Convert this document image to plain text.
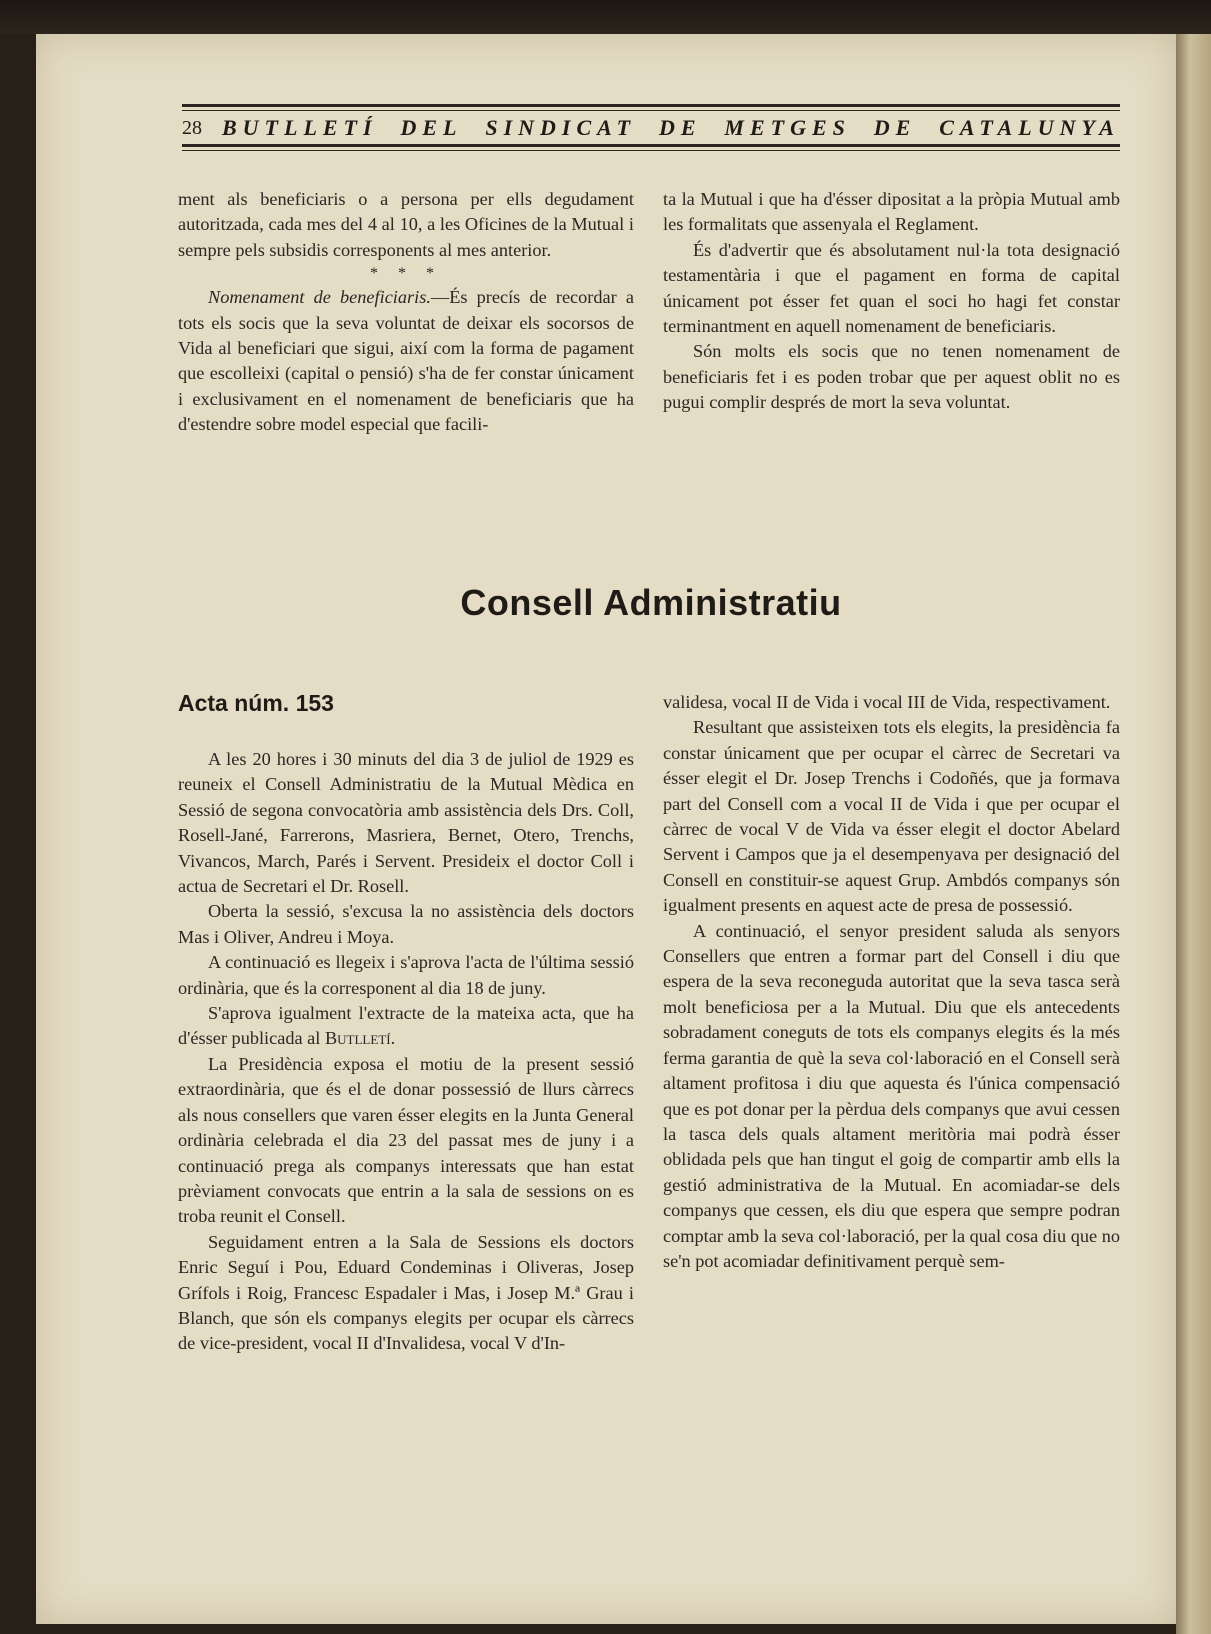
28 BUTLLETÍ DEL SINDICAT DE METGES DE CATALUNYA

ment als beneficiaris o a persona per ells degudament autoritzada, cada mes del 4 al 10, a les Oficines de la Mutual i sempre pels subsidis corresponents al mes anterior.

* * *

Nomenament de beneficiaris.—És precís de recordar a tots els socis que la seva voluntat de deixar els socorsos de Vida al beneficiari que sigui, així com la forma de pagament que escolleixi (capital o pensió) s'ha de fer constar únicament i exclusivament en el nomenament de beneficiaris que ha d'estendre sobre model especial que facili-

ta la Mutual i que ha d'ésser dipositat a la pròpia Mutual amb les formalitats que assenyala el Reglament.

És d'advertir que és absolutament nul·la tota designació testamentària i que el pagament en forma de capital únicament pot ésser fet quan el soci ho hagi fet constar terminantment en aquell nomenament de beneficiaris.

Són molts els socis que no tenen nomenament de beneficiaris fet i es poden trobar que per aquest oblit no es pugui complir després de mort la seva voluntat.

Consell Administratiu
Acta núm. 153

A les 20 hores i 30 minuts del dia 3 de juliol de 1929 es reuneix el Consell Administratiu de la Mutual Mèdica en Sessió de segona convocatòria amb assistència dels Drs. Coll, Rosell-Jané, Farrerons, Masriera, Bernet, Otero, Trenchs, Vivancos, March, Parés i Servent. Presideix el doctor Coll i actua de Secretari el Dr. Rosell.

Oberta la sessió, s'excusa la no assistència dels doctors Mas i Oliver, Andreu i Moya.

A continuació es llegeix i s'aprova l'acta de l'última sessió ordinària, que és la corresponent al dia 18 de juny.

S'aprova igualment l'extracte de la mateixa acta, que ha d'ésser publicada al Butlletí.

La Presidència exposa el motiu de la present sessió extraordinària, que és el de donar possessió de llurs càrrecs als nous consellers que varen ésser elegits en la Junta General ordinària celebrada el dia 23 del passat mes de juny i a continuació prega als companys interessats que han estat prèviament convocats que entrin a la sala de sessions on es troba reunit el Consell.

Seguidament entren a la Sala de Sessions els doctors Enric Seguí i Pou, Eduard Condeminas i Oliveras, Josep Grífols i Roig, Francesc Espadaler i Mas, i Josep M.ª Grau i Blanch, que són els companys elegits per ocupar els càrrecs de vice-president, vocal II d'Invalidesa, vocal V d'In-

validesa, vocal II de Vida i vocal III de Vida, respectivament.

Resultant que assisteixen tots els elegits, la presidència fa constar únicament que per ocupar el càrrec de Secretari va ésser elegit el Dr. Josep Trenchs i Codoñés, que ja formava part del Consell com a vocal II de Vida i que per ocupar el càrrec de vocal V de Vida va ésser elegit el doctor Abelard Servent i Campos que ja el desempenyava per designació del Consell en constituir-se aquest Grup. Ambdós companys són igualment presents en aquest acte de presa de possessió.

A continuació, el senyor president saluda als senyors Consellers que entren a formar part del Consell i diu que espera de la seva reconeguda autoritat que la seva tasca serà molt beneficiosa per a la Mutual. Diu que els antecedents sobradament coneguts de tots els companys elegits és la més ferma garantia de què la seva col·laboració en el Consell serà altament profitosa i diu que aquesta és l'única compensació que es pot donar per la pèrdua dels companys que avui cessen la tasca dels quals altament meritòria mai podrà ésser oblidada pels que han tingut el goig de compartir amb ells la gestió administrativa de la Mutual. En acomiadar-se dels companys que cessen, els diu que espera que sempre podran comptar amb la seva col·laboració, per la qual cosa diu que no se'n pot acomiadar definitivament perquè sem-
